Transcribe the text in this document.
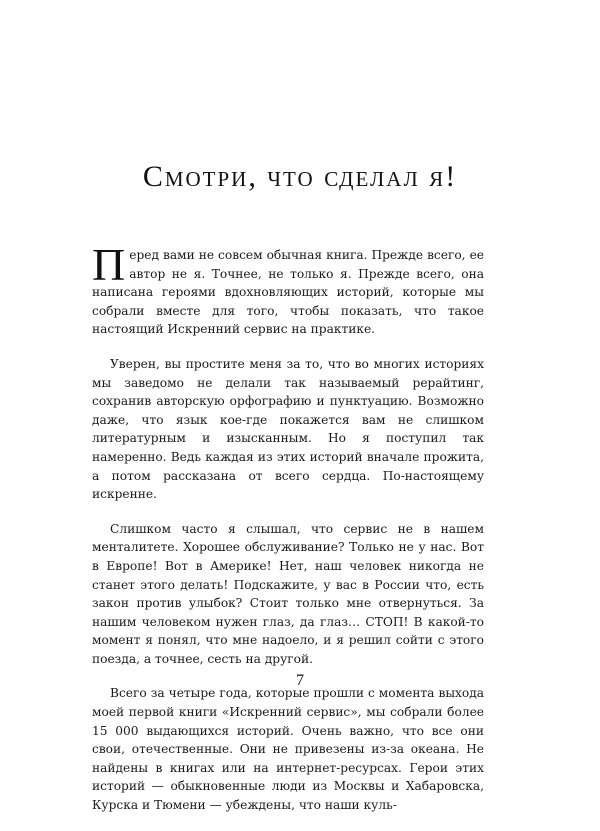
Смотри, что сделал я!

Перед вами не совсем обычная книга. Прежде всего, ее автор не я. Точнее, не только я. Прежде всего, она написана героями вдохновляющих историй, которые мы собрали вместе для того, чтобы показать, что такое настоящий Искренний сервис на практике.

Уверен, вы простите меня за то, что во многих историях мы заведомо не делали так называемый рерайтинг, сохранив авторскую орфографию и пунктуацию. Возможно даже, что язык кое-где покажется вам не слишком литературным и изысканным. Но я поступил так намеренно. Ведь каждая из этих историй вначале прожита, а потом рассказана от всего сердца. По-настоящему искренне.

Слишком часто я слышал, что сервис не в нашем менталитете. Хорошее обслуживание? Только не у нас. Вот в Европе! Вот в Америке! Нет, наш человек никогда не станет этого делать! Подскажите, у вас в России что, есть закон против улыбок? Стоит только мне отвернуться. За нашим человеком нужен глаз, да глаз… СТОП! В какой-то момент я понял, что мне надоело, и я решил сойти с этого поезда, а точнее, сесть на другой.

Всего за четыре года, которые прошли с момента выхода моей первой книги «Искренний сервис», мы собрали более 15 000 выдающихся историй. Очень важно, что все они свои, отечественные. Они не привезены из-за океана. Не найдены в книгах или на интернет-ресурсах. Герои этих историй — обыкновенные люди из Москвы и Хабаровска, Курска и Тюмени — убеждены, что наши куль-

7
